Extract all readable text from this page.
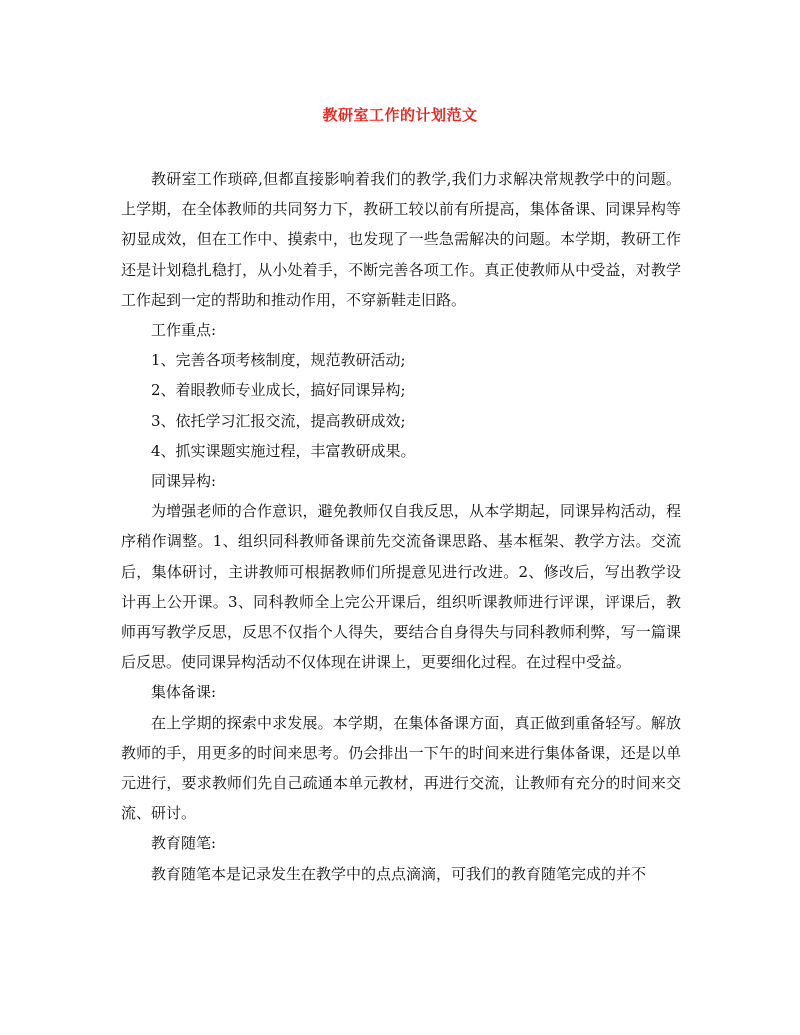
教研室工作的计划范文

教研室工作琐碎,但都直接影响着我们的教学,我们力求解决常规教学中的问题。上学期，在全体教师的共同努力下，教研工较以前有所提高，集体备课、同课异构等初显成效，但在工作中、摸索中，也发现了一些急需解决的问题。本学期，教研工作还是计划稳扎稳打，从小处着手，不断完善各项工作。真正使教师从中受益，对教学工作起到一定的帮助和推动作用，不穿新鞋走旧路。

工作重点:

1、完善各项考核制度，规范教研活动;

2、着眼教师专业成长，搞好同课异构;

3、依托学习汇报交流，提高教研成效;

4、抓实课题实施过程，丰富教研成果。

同课异构:

为增强老师的合作意识，避免教师仅自我反思，从本学期起，同课异构活动，程序稍作调整。1、组织同科教师备课前先交流备课思路、基本框架、教学方法。交流后，集体研讨，主讲教师可根据教师们所提意见进行改进。2、修改后，写出教学设计再上公开课。3、同科教师全上完公开课后，组织听课教师进行评课，评课后，教师再写教学反思，反思不仅指个人得失，要结合自身得失与同科教师利弊，写一篇课后反思。使同课异构活动不仅体现在讲课上，更要细化过程。在过程中受益。

集体备课:

在上学期的探索中求发展。本学期，在集体备课方面，真正做到重备轻写。解放教师的手，用更多的时间来思考。仍会排出一下午的时间来进行集体备课，还是以单元进行，要求教师们先自己疏通本单元教材，再进行交流，让教师有充分的时间来交流、研讨。

教育随笔:

教育随笔本是记录发生在教学中的点点滴滴，可我们的教育随笔完成的并不
